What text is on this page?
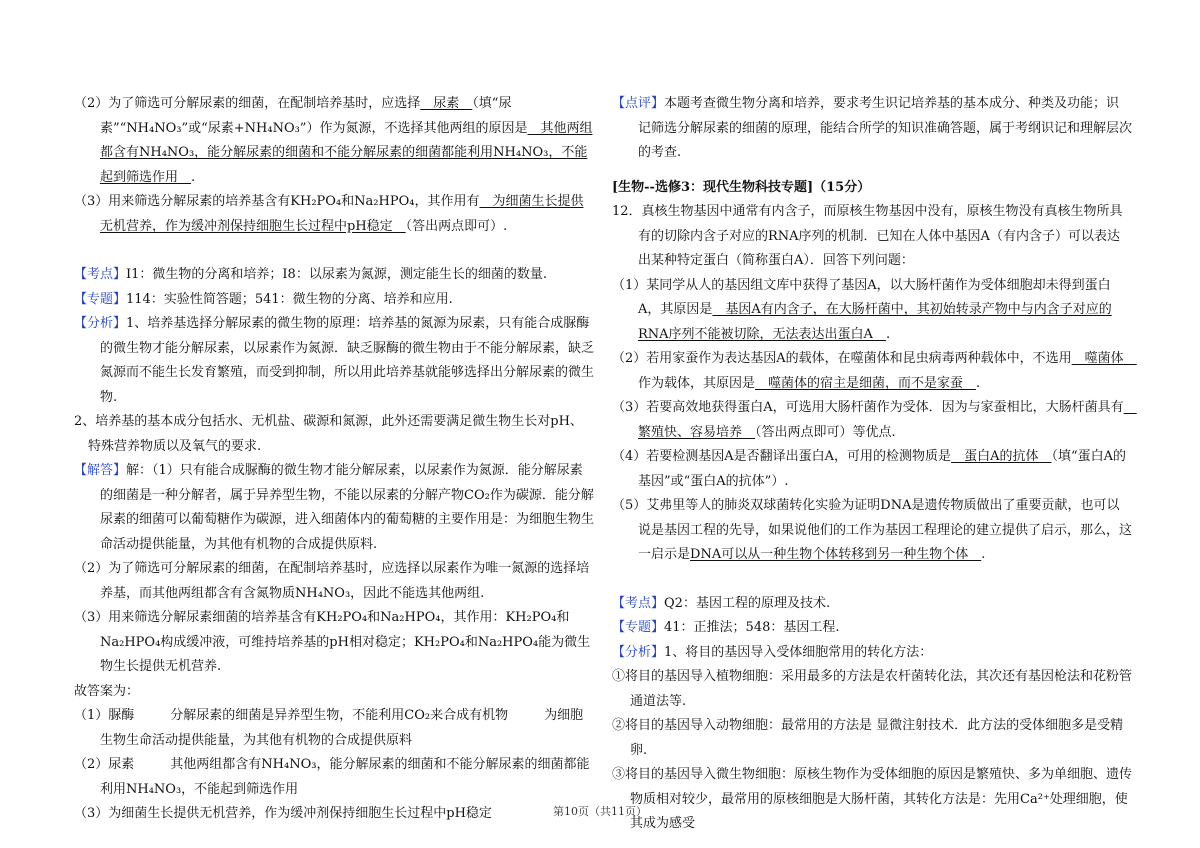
（2）为了筛选可分解尿素的细菌，在配制培养基时，应选择　尿素　（填“尿素”“NH₄NO₃”或“尿素+NH₄NO₃”）作为氮源，不选择其他两组的原因是　其他两组都含有NH₄NO₃，能分解尿素的细菌和不能分解尿素的细菌都能利用NH₄NO₃，不能起到筛选作用　.

（3）用来筛选分解尿素的培养基含有KH₂PO₄和Na₂HPO₄，其作用有　为细菌生长提供无机营养，作为缓冲剂保持细胞生长过程中pH稳定　（答出两点即可）.

【考点】I1：微生物的分离和培养；I8：以尿素为氮源，测定能生长的细菌的数量.

【专题】114：实验性简答题；541：微生物的分离、培养和应用.

【分析】1、培养基选择分解尿素的微生物的原理：培养基的氮源为尿素，只有能合成脲酶的微生物才能分解尿素，以尿素作为氮源．缺乏脲酶的微生物由于不能分解尿素，缺乏氮源而不能生长发育繁殖，而受到抑制，所以用此培养基就能够选择出分解尿素的微生物.

2、培养基的基本成分包括水、无机盐、碳源和氮源，此外还需要满足微生物生长对pH、特殊营养物质以及氧气的要求.

【解答】解：（1）只有能合成脲酶的微生物才能分解尿素，以尿素作为氮源．能分解尿素的细菌是一种分解者，属于异养型生物，不能以尿素的分解产物CO₂作为碳源．能分解尿素的细菌可以葡萄糖作为碳源，进入细菌体内的葡萄糖的主要作用是：为细胞生物生命活动提供能量，为其他有机物的合成提供原料.

（2）为了筛选可分解尿素的细菌，在配制培养基时，应选择以尿素作为唯一氮源的选择培养基，而其他两组都含有含氮物质NH₄NO₃，因此不能选其他两组.

（3）用来筛选分解尿素细菌的培养基含有KH₂PO₄和Na₂HPO₄，其作用：KH₂PO₄和Na₂HPO₄构成缓冲液，可维持培养基的pH相对稳定；KH₂PO₄和Na₂HPO₄能为微生物生长提供无机营养.

故答案为：

（1）脲酶	分解尿素的细菌是异养型生物，不能利用CO₂来合成有机物	为细胞生物生命活动提供能量，为其他有机物的合成提供原料

（2）尿素	其他两组都含有NH₄NO₃，能分解尿素的细菌和不能分解尿素的细菌都能利用NH₄NO₃，不能起到筛选作用

（3）为细菌生长提供无机营养，作为缓冲剂保持细胞生长过程中pH稳定

【点评】本题考查微生物分离和培养，要求考生识记培养基的基本成分、种类及功能；识记筛选分解尿素的细菌的原理，能结合所学的知识准确答题，属于考纲识记和理解层次的考查.

[生物--选修3：现代生物科技专题]（15分）

12．真核生物基因中通常有内含子，而原核生物基因中没有，原核生物没有真核生物所具有的切除内含子对应的RNA序列的机制．已知在人体中基因A（有内含子）可以表达出某种特定蛋白（简称蛋白A）．回答下列问题：

（1）某同学从人的基因组文库中获得了基因A，以大肠杆菌作为受体细胞却未得到蛋白A，其原因是　基因A有内含子，在大肠杆菌中，其初始转录产物中与内含子对应的RNA序列不能被切除，无法表达出蛋白A　.

（2）若用家蚕作为表达基因A的载体，在噬菌体和昆虫病毒两种载体中，不选用　噬菌体　作为载体，其原因是　噬菌体的宿主是细菌，而不是家蚕　.

（3）若要高效地获得蛋白A，可选用大肠杆菌作为受体．因为与家蚕相比，大肠杆菌具有　繁殖快、容易培养　（答出两点即可）等优点.

（4）若要检测基因A是否翻译出蛋白A，可用的检测物质是　蛋白A的抗体　（填“蛋白A的基因”或“蛋白A的抗体”）.

（5）艾弗里等人的肺炎双球菌转化实验为证明DNA是遗传物质做出了重要贡献，也可以说是基因工程的先导，如果说他们的工作为基因工程理论的建立提供了启示，那么，这一启示是DNA可以从一种生物个体转移到另一种生物个体　.

【考点】Q2：基因工程的原理及技术.

【专题】41：正推法；548：基因工程.

【分析】1、将目的基因导入受体细胞常用的转化方法：

①将目的基因导入植物细胞：采用最多的方法是农杆菌转化法，其次还有基因枪法和花粉管通道法等.

②将目的基因导入动物细胞：最常用的方法是 显微注射技术．此方法的受体细胞多是受精卵.

③将目的基因导入微生物细胞：原核生物作为受体细胞的原因是繁殖快、多为单细胞、遗传物质相对较少，最常用的原核细胞是大肠杆菌，其转化方法是：先用Ca²⁺处理细胞，使其成为感受

第10页（共11页）
